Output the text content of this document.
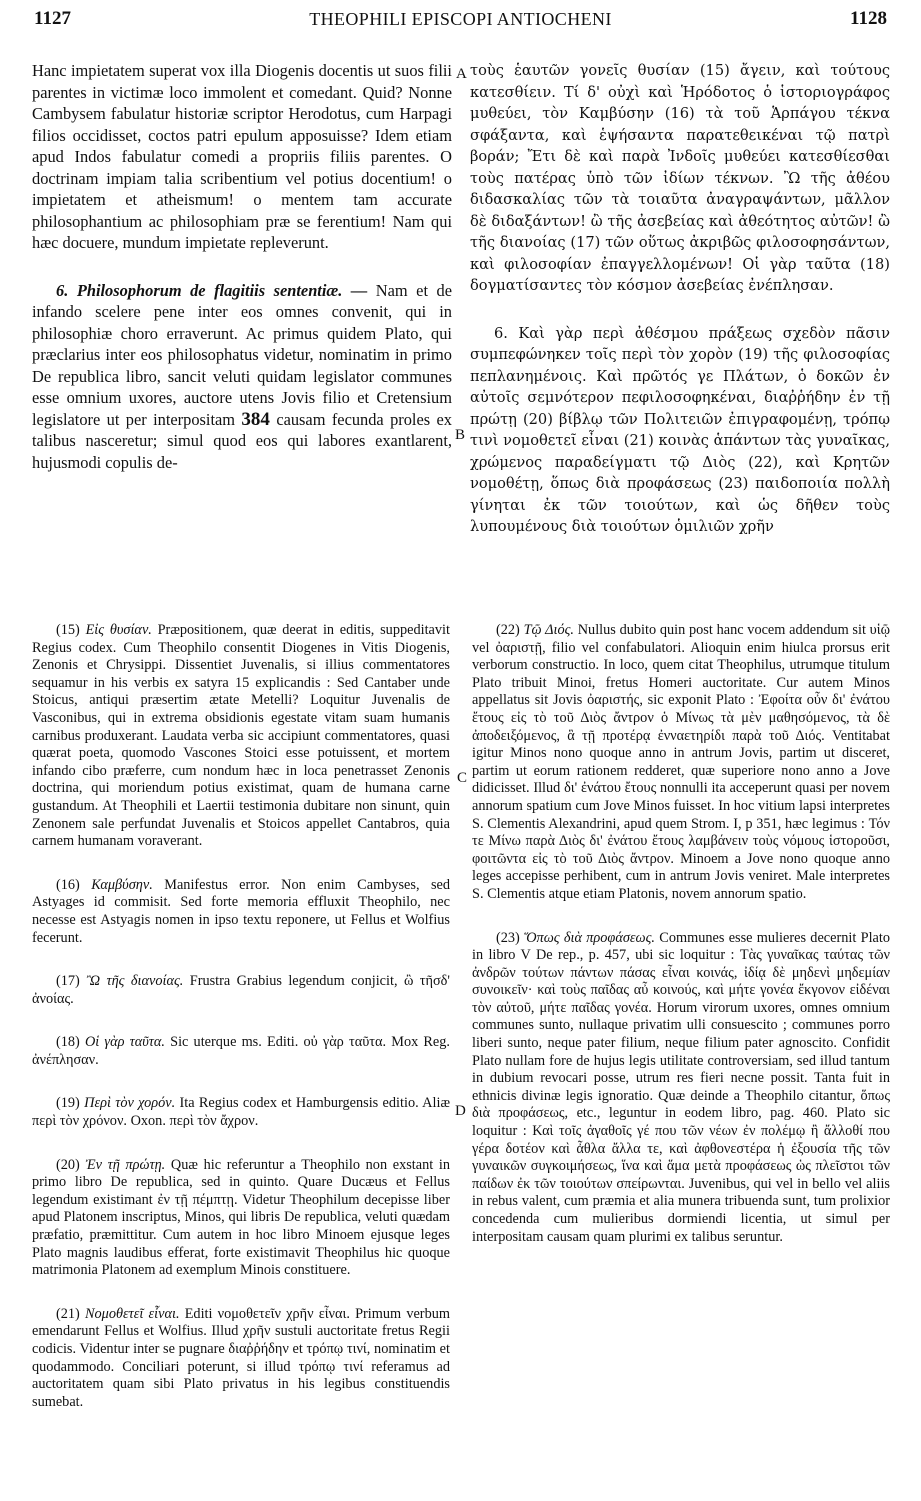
1127	THEOPHILI EPISCOPI ANTIOCHENI	1128

Hanc impietatem superat vox illa Diogenis docentis ut suos filii parentes in victimæ loco immolent et comedant. Quid? Nonne Cambysem fabulatur historiæ scriptor Herodotus, cum Harpagi filios occidisset, coctos patri epulum apposuisse? Idem etiam apud Indos fabulatur comedi a propriis filiis parentes. O doctrinam impiam talia scribentium vel potius docentium! o impietatem et atheismum! o mentem tam accurate philosophantium ac philosophiam præ se ferentium! Nam qui hæc docuere, mundum impietate repleverunt.

6. Philosophorum de flagitiis sententiæ. — Nam et de infando scelere pene inter eos omnes convenit, qui in philosophiæ choro erraverunt. Ac primus quidem Plato, qui præclarius inter eos philosophatus videtur, nominatim in primo De republica libro, sancit veluti quidam legislator communes esse omnium uxores, auctore utens Jovis filio et Cretensium legislatore ut per interpositam 384 causam fecunda proles ex talibus nasceretur; simul quod eos qui labores exantlarent, hujusmodi copulis de-

A
B
C
D

τοὺς ἑαυτῶν γονεῖς θυσίαν (15) ἄγειν, καὶ τούτους κατεσθίειν. Τί δ' οὐχὶ καὶ Ἡρόδοτος ὁ ἱστοριογράφος μυθεύει, τὸν Καμβύσην (16) τὰ τοῦ Ἁρπάγου τέκνα σφάξαντα, καὶ ἑψήσαντα παρατεθεικέναι τῷ πατρὶ βοράν; Ἔτι δὲ καὶ παρὰ Ἰνδοῖς μυθεύει κατεσθίεσθαι τοὺς πατέρας ὑπὸ τῶν ἰδίων τέκνων. Ὢ τῆς ἀθέου διδασκαλίας τῶν τὰ τοιαῦτα ἀναγραψάντων, μᾶλλον δὲ διδαξάντων! ὢ τῆς ἀσεβείας καὶ ἀθεότητος αὐτῶν! ὢ τῆς διανοίας (17) τῶν οὕτως ἀκριβῶς φιλοσοφησάντων, καὶ φιλοσοφίαν ἐπαγγελλομένων! Οἱ γὰρ ταῦτα (18) δογματίσαντες τὸν κόσμον ἀσεβείας ἐνέπλησαν.

6. Καὶ γὰρ περὶ ἀθέσμου πράξεως σχεδὸν πᾶσιν συμπεφώνηκεν τοῖς περὶ τὸν χορὸν (19) τῆς φιλοσοφίας πεπλανημένοις. Καὶ πρῶτός γε Πλάτων, ὁ δοκῶν ἐν αὐτοῖς σεμνότερον πεφιλοσοφηκέναι, διαῤῥήδην ἐν τῇ πρώτῃ (20) βίβλῳ τῶν Πολιτειῶν ἐπιγραφομένῃ, τρόπῳ τινὶ νομοθετεῖ εἶναι (21) κοινὰς ἁπάντων τὰς γυναῖκας, χρώμενος παραδείγματι τῷ Διὸς (22), καὶ Κρητῶν νομοθέτῃ, ὅπως διὰ προφάσεως (23) παιδοποιία πολλὴ γίνηται ἐκ τῶν τοιούτων, καὶ ὡς δῆθεν τοὺς λυπουμένους διὰ τοιούτων ὁμιλιῶν χρῆν

(15) Εἰς θυσίαν. Præpositionem, quæ deerat in editis, suppeditavit Regius codex. Cum Theophilo consentit Diogenes in Vitis Diogenis, Zenonis et Chrysippi. Dissentiet Juvenalis, si illius commentatores sequamur in his verbis ex satyra 15 explicandis : Sed Cantaber unde Stoicus, antiqui præsertim ætate Metelli? Loquitur Juvenalis de Vasconibus, qui in extrema obsidionis egestate vitam suam humanis carnibus produxerant. Laudata verba sic accipiunt commentatores, quasi quærat poeta, quomodo Vascones Stoici esse potuissent, et mortem infando cibo præferre, cum nondum hæc in loca penetrasset Zenonis doctrina, qui moriendum potius existimat, quam de humana carne gustandum. At Theophili et Laertii testimonia dubitare non sinunt, quin Zenonem sale perfundat Juvenalis et Stoicos appellet Cantabros, quia carnem humanam voraverant.

(16) Καμβύσην. Manifestus error. Non enim Cambyses, sed Astyages id commisit. Sed forte memoria effluxit Theophilo, nec necesse est Astyagis nomen in ipso textu reponere, ut Fellus et Wolfius fecerunt.

(17) Ὢ τῆς διανοίας. Frustra Grabius legendum conjicit, ὢ τῆσδ' ἀνοίας.

(18) Οἱ γὰρ ταῦτα. Sic uterque ms. Editi. οὐ γὰρ ταῦτα. Mox Reg. ἀνέπλησαν.

(19) Περὶ τὸν χορόν. Ita Regius codex et Hamburgensis editio. Aliæ περὶ τὸν χρόνον. Oxon. περὶ τὸν ἄχρον.

(20) Ἐν τῇ πρώτῃ. Quæ hic referuntur a Theophilo non exstant in primo libro De republica, sed in quinto. Quare Ducæus et Fellus legendum existimant ἐν τῇ πέμπτῃ. Videtur Theophilum decepisse liber apud Platonem inscriptus, Minos, qui libris De republica, veluti quædam præfatio, præmittitur. Cum autem in hoc libro Minoem ejusque leges Plato magnis laudibus efferat, forte existimavit Theophilus hic quoque matrimonia Platonem ad exemplum Minois constituere.

(21) Νομοθετεῖ εἶναι. Editi νομοθετεῖν χρῆν εἶναι. Primum verbum emendarunt Fellus et Wolfius. Illud χρῆν sustuli auctoritate fretus Regii codicis. Videntur inter se pugnare διαῤῥήδην et τρόπῳ τινί, nominatim et quodammodo. Conciliari poterunt, si illud τρόπῳ τινί referamus ad auctoritatem quam sibi Plato privatus in his legibus constituendis sumebat.

(22) Τῷ Διός. Nullus dubito quin post hanc vocem addendum sit υἱῷ vel ὀαριστῇ, filio vel confabulatori. Alioquin enim hiulca prorsus erit verborum constructio. In loco, quem citat Theophilus, utrumque titulum Plato tribuit Minoi, fretus Homeri auctoritate. Cur autem Minos appellatus sit Jovis ὀαριστής, sic exponit Plato : Ἐφοίτα οὖν δι' ἐνάτου ἔτους εἰς τὸ τοῦ Διὸς ἄντρον ὁ Μίνως τὰ μὲν μαθησόμενος, τὰ δὲ ἀποδειξόμενος, ἃ τῇ προτέρᾳ ἐνναετηρίδι παρὰ τοῦ Διός. Ventitabat igitur Minos nono quoque anno in antrum Jovis, partim ut disceret, partim ut eorum rationem redderet, quæ superiore nono anno a Jove didicisset. Illud δι' ἐνάτου ἔτους nonnulli ita acceperunt quasi per novem annorum spatium cum Jove Minos fuisset. In hoc vitium lapsi interpretes S. Clementis Alexandrini, apud quem Strom. I, p 351, hæc legimus : Τόν τε Μίνω παρὰ Διὸς δι' ἐνάτου ἔτους λαμβάνειν τοὺς νόμους ἱστοροῦσι, φοιτῶντα εἰς τὸ τοῦ Διὸς ἄντρον. Minoem a Jove nono quoque anno leges accepisse perhibent, cum in antrum Jovis veniret. Male interpretes S. Clementis atque etiam Platonis, novem annorum spatio.

(23) Ὅπως διὰ προφάσεως. Communes esse mulieres decernit Plato in libro V De rep., p. 457, ubi sic loquitur : Τὰς γυναῖκας ταύτας τῶν ἀνδρῶν τούτων πάντων πάσας εἶναι κοινάς, ἰδίᾳ δὲ μηδενὶ μηδεμίαν συνοικεῖν· καὶ τοὺς παῖδας αὖ κοινούς, καὶ μήτε γονέα ἔκγονον εἰδέναι τὸν αὐτοῦ, μήτε παῖδας γονέα. Horum virorum uxores, omnes omnium communes sunto, nullaque privatim ulli consuescito ; communes porro liberi sunto, neque pater filium, neque filium pater agnoscito. Confidit Plato nullam fore de hujus legis utilitate controversiam, sed illud tantum in dubium revocari posse, utrum res fieri necne possit. Tanta fuit in ethnicis divinæ legis ignoratio. Quæ deinde a Theophilo citantur, ὅπως διὰ προφάσεως, etc., leguntur in eodem libro, pag. 460. Plato sic loquitur : Καὶ τοῖς ἀγαθοῖς γέ που τῶν νέων ἐν πολέμῳ ἢ ἄλλοθί που γέρα δοτέον καὶ ἆθλα ἄλλα τε, καὶ ἀφθονεστέρα ἡ ἐξουσία τῆς τῶν γυναικῶν συγκοιμήσεως, ἵνα καὶ ἅμα μετὰ προφάσεως ὡς πλεῖστοι τῶν παίδων ἐκ τῶν τοιούτων σπείρωνται. Juvenibus, qui vel in bello vel aliis in rebus valent, cum præmia et alia munera tribuenda sunt, tum prolixior concedenda cum mulieribus dormiendi licentia, ut simul per interpositam causam quam plurimi ex talibus seruntur.
